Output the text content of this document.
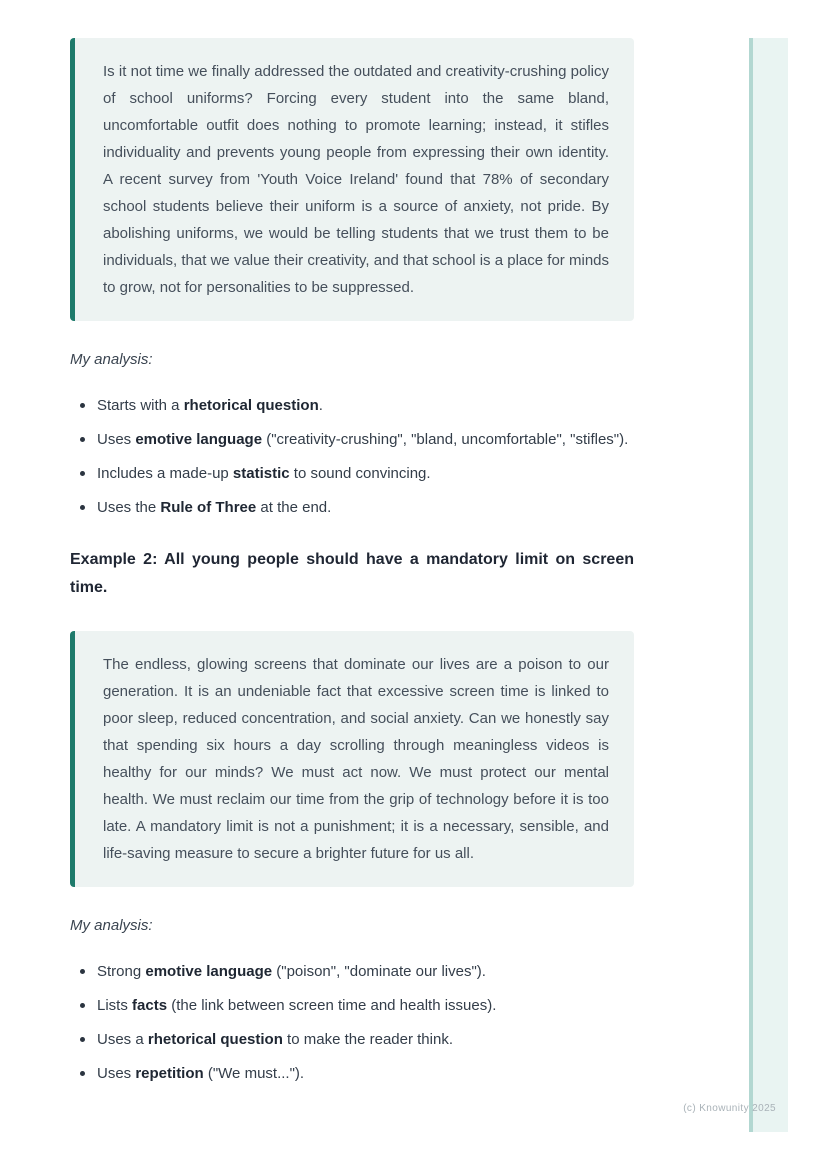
Is it not time we finally addressed the outdated and creativity-crushing policy of school uniforms? Forcing every student into the same bland, uncomfortable outfit does nothing to promote learning; instead, it stifles individuality and prevents young people from expressing their own identity. A recent survey from 'Youth Voice Ireland' found that 78% of secondary school students believe their uniform is a source of anxiety, not pride. By abolishing uniforms, we would be telling students that we trust them to be individuals, that we value their creativity, and that school is a place for minds to grow, not for personalities to be suppressed.

My analysis:

Starts with a rhetorical question.
Uses emotive language ("creativity-crushing", "bland, uncomfortable", "stifles").
Includes a made-up statistic to sound convincing.
Uses the Rule of Three at the end.
Example 2: All young people should have a mandatory limit on screen time.

The endless, glowing screens that dominate our lives are a poison to our generation. It is an undeniable fact that excessive screen time is linked to poor sleep, reduced concentration, and social anxiety. Can we honestly say that spending six hours a day scrolling through meaningless videos is healthy for our minds? We must act now. We must protect our mental health. We must reclaim our time from the grip of technology before it is too late. A mandatory limit is not a punishment; it is a necessary, sensible, and life-saving measure to secure a brighter future for us all.

My analysis:

Strong emotive language ("poison", "dominate our lives").
Lists facts (the link between screen time and health issues).
Uses a rhetorical question to make the reader think.
Uses repetition ("We must...").
(c) Knowunity 2025
